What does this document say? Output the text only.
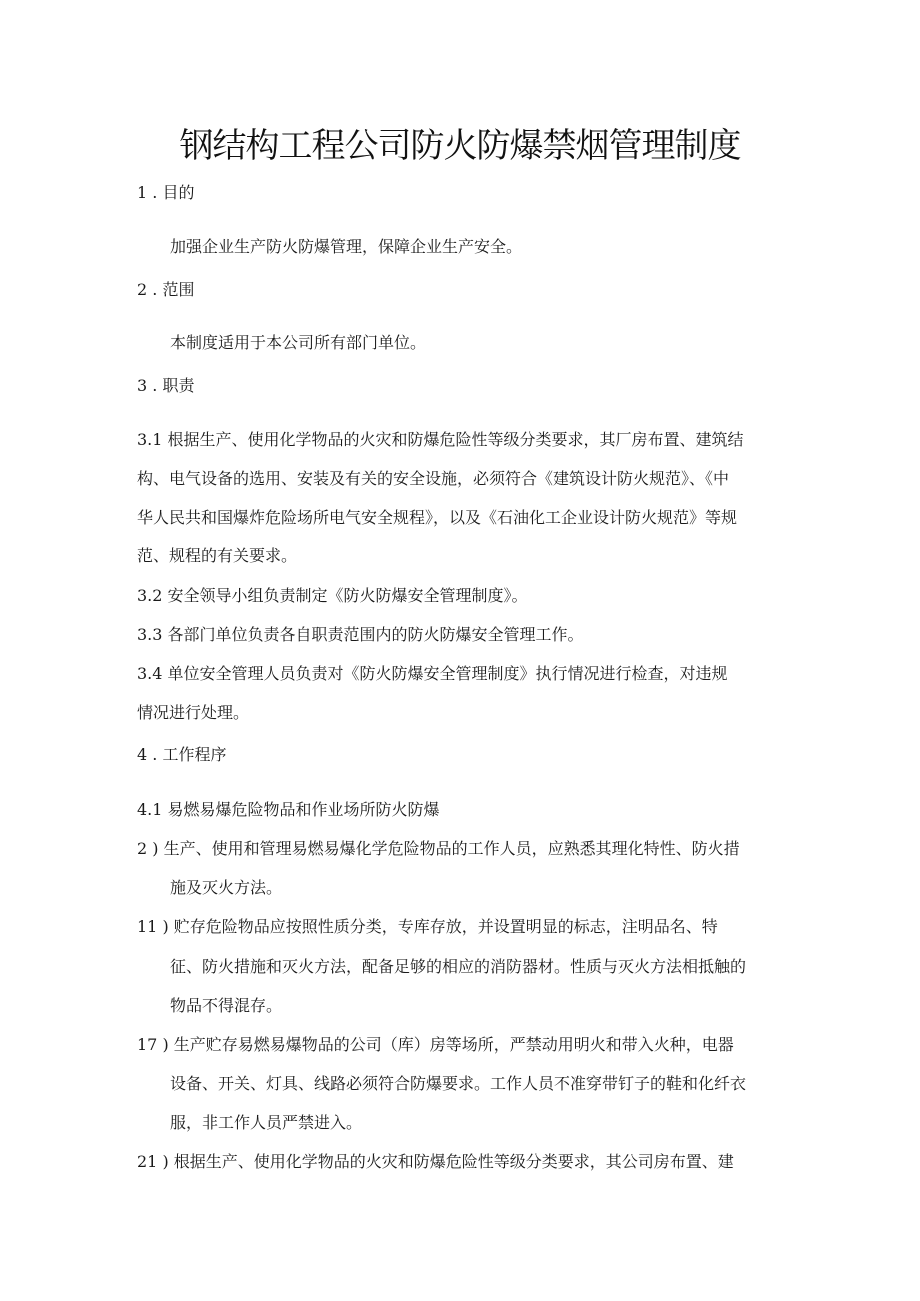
钢结构工程公司防火防爆禁烟管理制度
1 . 目的
加强企业生产防火防爆管理，保障企业生产安全。
2 . 范围
本制度适用于本公司所有部门单位。
3 . 职责
3.1 根据生产、使用化学物品的火灾和防爆危险性等级分类要求，其厂房布置、建筑结
构、电气设备的选用、安装及有关的安全设施，必须符合《建筑设计防火规范》、《中
华人民共和国爆炸危险场所电气安全规程》，以及《石油化工企业设计防火规范》等规
范、规程的有关要求。
3.2 安全领导小组负责制定《防火防爆安全管理制度》。
3.3 各部门单位负责各自职责范围内的防火防爆安全管理工作。
3.4 单位安全管理人员负责对《防火防爆安全管理制度》执行情况进行检查，对违规
情况进行处理。
4 . 工作程序
4.1 易燃易爆危险物品和作业场所防火防爆
2 ) 生产、使用和管理易燃易爆化学危险物品的工作人员，应熟悉其理化特性、防火措
施及灭火方法。
11 ) 贮存危险物品应按照性质分类，专库存放，并设置明显的标志，注明品名、特
征、防火措施和灭火方法，配备足够的相应的消防器材。性质与灭火方法相抵触的
物品不得混存。
17 ) 生产贮存易燃易爆物品的公司（库）房等场所，严禁动用明火和带入火种，电器
设备、开关、灯具、线路必须符合防爆要求。工作人员不准穿带钉子的鞋和化纤衣
服，非工作人员严禁进入。
21 ) 根据生产、使用化学物品的火灾和防爆危险性等级分类要求，其公司房布置、建
